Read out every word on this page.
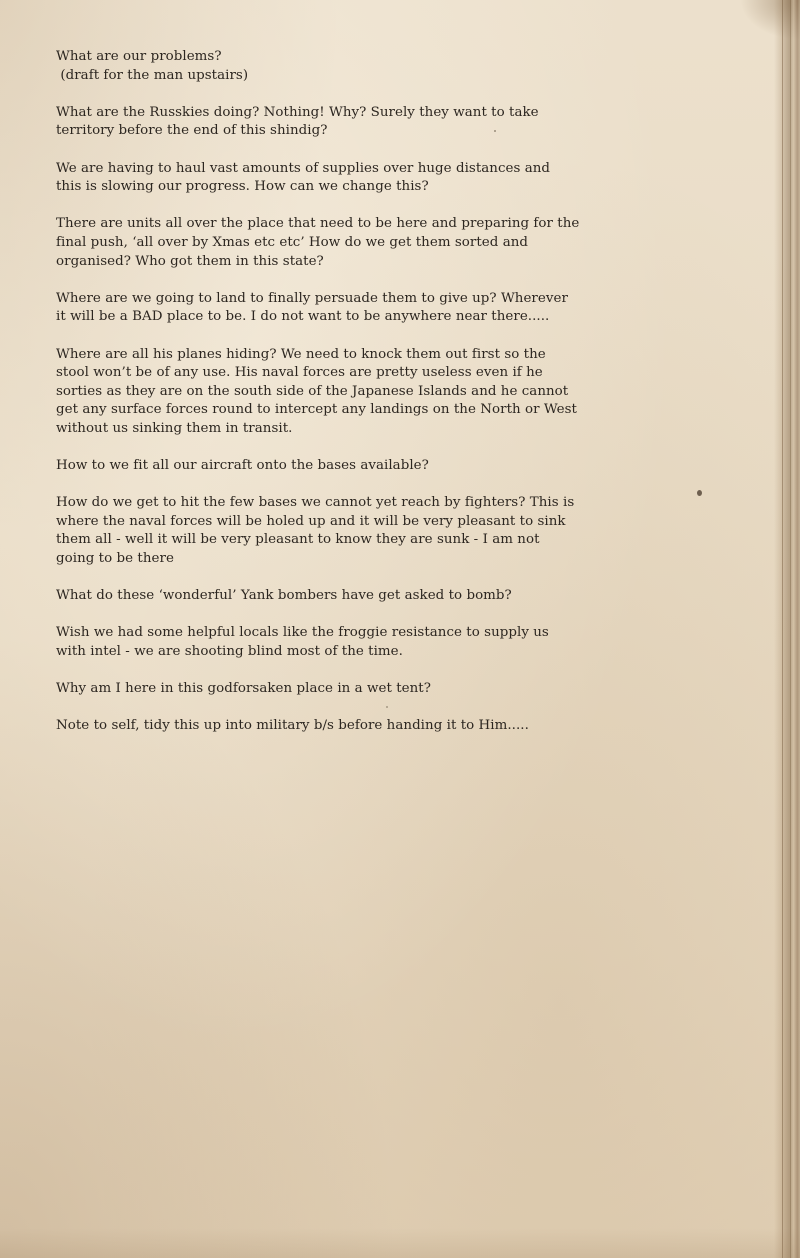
What are our problems?
(draft for the man upstairs)

What are the Russkies doing? Nothing! Why? Surely they want to take
territory before the end of this shindig?

We are having to haul vast amounts of supplies over huge distances and
this is slowing our progress. How can we change this?

There are units all over the place that need to be here and preparing for the
final push, ‘all over by Xmas etc etc’ How do we get them sorted and
organised? Who got them in this state?

Where are we going to land to finally persuade them to give up? Wherever
it will be a BAD place to be. I do not want to be anywhere near there.....

Where are all his planes hiding? We need to knock them out first so the
stool won’t be of any use. His naval forces are pretty useless even if he
sorties as they are on the south side of the Japanese Islands and he cannot
get any surface forces round to intercept any landings on the North or West
without us sinking them in transit.

How to we fit all our aircraft onto the bases available?

How do we get to hit the few bases we cannot yet reach by fighters? This is
where the naval forces will be holed up and it will be very pleasant to sink
them all - well it will be very pleasant to know they are sunk - I am not
going to be there

What do these ‘wonderful’ Yank bombers have get asked to bomb?

Wish we had some helpful locals like the froggie resistance to supply us
with intel - we are shooting blind most of the time.

Why am I here in this godforsaken place in a wet tent?

Note to self, tidy this up into military b/s before handing it to Him.....
